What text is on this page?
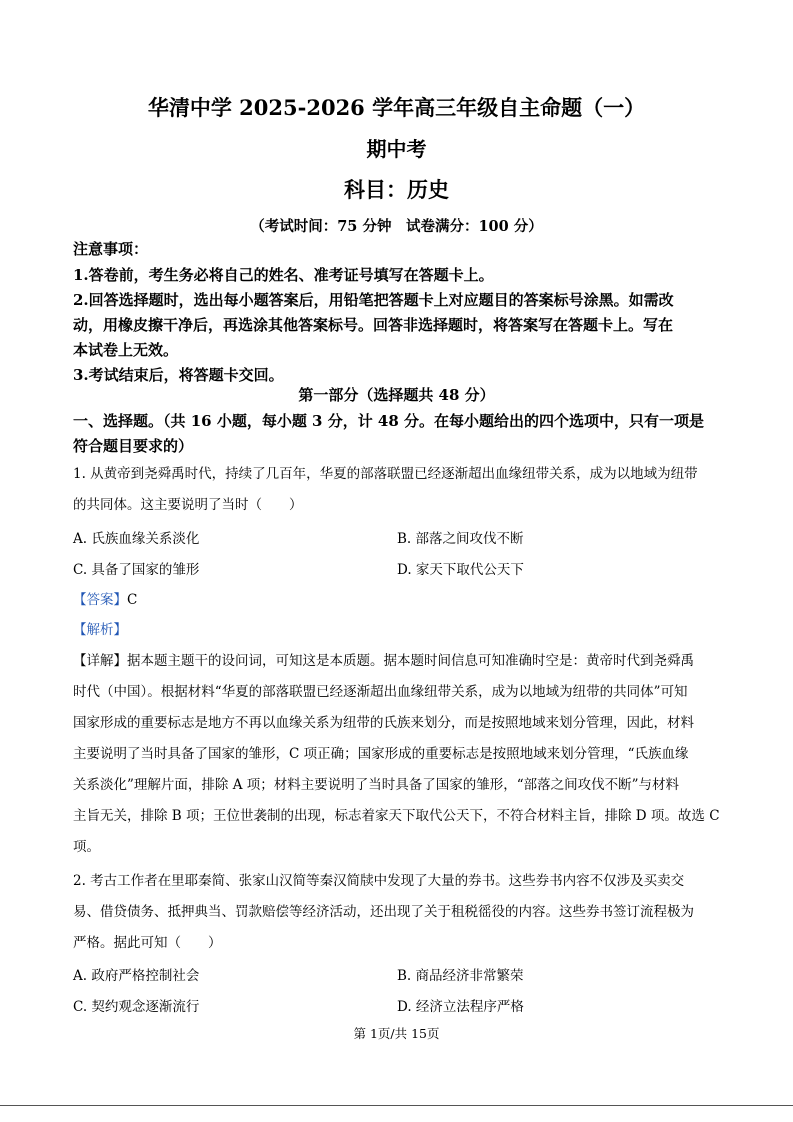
华清中学 2025-2026 学年高三年级自主命题（一）
期中考
科目：历史
（考试时间：75 分钟　试卷满分：100 分）
注意事项：
1.答卷前，考生务必将自己的姓名、准考证号填写在答题卡上。
2.回答选择题时，选出每小题答案后，用铅笔把答题卡上对应题目的答案标号涂黑。如需改
动，用橡皮擦干净后，再选涂其他答案标号。回答非选择题时，将答案写在答题卡上。写在
本试卷上无效。
3.考试结束后，将答题卡交回。
第一部分（选择题共 48 分）
一、选择题。（共 16 小题，每小题 3 分，计 48 分。在每小题给出的四个选项中，只有一项是
符合题目要求的）
1. 从黄帝到尧舜禹时代，持续了几百年，华夏的部落联盟已经逐渐超出血缘纽带关系，成为以地域为纽带
的共同体。这主要说明了当时（　　）
A. 氏族血缘关系淡化	B. 部落之间攻伐不断
C. 具备了国家的雏形	D. 家天下取代公天下
【答案】C
【解析】
【详解】据本题主题干的设问词，可知这是本质题。据本题时间信息可知准确时空是：黄帝时代到尧舜禹
时代（中国）。根据材料“华夏的部落联盟已经逐渐超出血缘纽带关系，成为以地域为纽带的共同体”可知
国家形成的重要标志是地方不再以血缘关系为纽带的氏族来划分，而是按照地域来划分管理，因此，材料
主要说明了当时具备了国家的雏形，C 项正确；国家形成的重要标志是按照地域来划分管理，“氏族血缘
关系淡化”理解片面，排除 A 项；材料主要说明了当时具备了国家的雏形，“部落之间攻伐不断”与材料
主旨无关，排除 B 项；王位世袭制的出现，标志着家天下取代公天下，不符合材料主旨，排除 D 项。故选 C
项。
2. 考古工作者在里耶秦简、张家山汉简等秦汉简牍中发现了大量的券书。这些券书内容不仅涉及买卖交
易、借贷债务、抵押典当、罚款赔偿等经济活动，还出现了关于租税徭役的内容。这些券书签订流程极为
严格。据此可知（　　）
A. 政府严格控制社会	B. 商品经济非常繁荣
C. 契约观念逐渐流行	D. 经济立法程序严格
第 1页/共 15页
